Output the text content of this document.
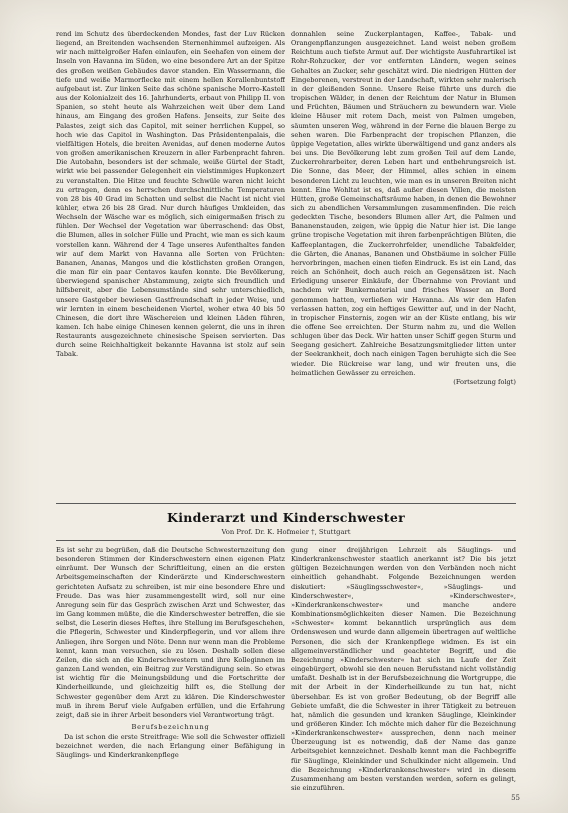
rend im Schutz des überdeckenden Mondes, fast der Luv Rücken liegend, an Breitenden wachsenden Sternenhimmel aufzeigen. Als wir nach mittelgroßer Hafen einlaufen, ein Seehafen von einem der Inseln von Havanna im Süden, wo eine besondere Art an der Spitze des großen weißen Gebäudes davor standen. Ein Wassermann, die tiefe und weiße Marmorflecke mit einem hellen Korallenbuntstoff aufgebaut ist. Zur linken Seite das schöne spanische Morro-Kastell aus der Kolonialzeit des 16. Jahrhunderts, erbaut von Philipp II. von Spanien, so steht heute als Wahrzeichen weit über dem Land hinaus, am Eingang des großen Hafens. Jenseits, zur Seite des Palastes, zeigt sich das Capitol, mit seiner herrlichen Kuppel, so hoch wie das Capitol in Washington. Das Präsidentenpalais, die vielfältigen Hotels, die breiten Avenidas, auf denen moderne Autos von großen amerikanischen Kreuzern in aller Farbenpracht fahren. Die Autobahn, besonders ist der schmale, weiße Gürtel der Stadt, wirkt wie bei passender Gelegenheit ein vielstimmiges Hupkonzert zu veranstalten. Die Hitze und feuchte Schwüle waren nicht leicht zu ertragen, denn es herrschen durchschnittliche Temperaturen von 28 bis 40 Grad im Schatten und selbst die Nacht ist nicht viel kühler, etwa 26 bis 28 Grad. Nur durch häufiges Umkleiden, das Wechseln der Wäsche war es möglich, sich einigermaßen frisch zu fühlen. Der Wechsel der Vegetation war überraschend: das Obst, die Blumen, alles in solcher Fülle und Pracht, wie man es sich kaum vorstellen kann. Während der 4 Tage unseres Aufenthaltes fanden wir auf dem Markt von Havanna alle Sorten von Früchten: Bananen, Ananas, Mangos und die köstlichsten großen Orangen, die man für ein paar Centavos kaufen konnte. Die Bevölkerung, überwiegend spanischer Abstammung, zeigte sich freundlich und hilfsbereit, aber die Lebensumstände sind sehr unterschiedlich, unsere Gastgeber bewiesen Gastfreundschaft in jeder Weise, und wir lernten in einem bescheidenen Viertel, woher etwa 40 bis 50 Chinesen, die dort ihre Wäschereien und kleinen Läden führen, kamen. Ich habe einige Chinesen kennen gelernt, die uns in ihren Restaurants ausgezeichnete chinesische Speisen servierten. Das durch seine Reichhaltigkeit bekannte Havanna ist stolz auf sein Tabak.

donnahlen seine Zuckerplantagen, Kaffee-, Tabak- und Orangenpflanzungen ausgezeichnet. Land weist neben großem Reichtum auch tiefste Armut auf. Der wichtigste Ausfuhrartikel ist Rohr-Rohzucker, der vor entfernten Ländern, wegen seines Gehaltes an Zucker, sehr geschätzt wird. Die niedrigen Hütten der Eingeborenen, verstreut in der Landschaft, wirkten sehr malerisch in der gleißenden Sonne. Unsere Reise führte uns durch die tropischen Wälder, in denen der Reichtum der Natur in Blumen und Früchten, Bäumen und Sträuchern zu bewundern war. Viele kleine Häuser mit rotem Dach, meist von Palmen umgeben, säumten unseren Weg, während in der Ferne die blauen Berge zu sehen waren. Die Farbenpracht der tropischen Pflanzen, die üppige Vegetation, alles wirkte überwältigend und ganz anders als bei uns. Die Bevölkerung lebt zum großen Teil auf dem Lande, Zuckerrohrarbeiter, deren Leben hart und entbehrungsreich ist. Die Sonne, das Meer, der Himmel, alles schien in einem besonderen Licht zu leuchten, wie man es in unseren Breiten nicht kennt. Eine Wohltat ist es, daß außer diesen Villen, die meisten Hütten, große Gemeinschaftsräume haben, in denen die Bewohner sich zu abendlichen Versammlungen zusammenfinden. Die reich gedeckten Tische, besonders Blumen aller Art, die Palmen und Bananenstauden, zeigen, wie üppig die Natur hier ist. Die lange grüne tropische Vegetation mit ihren farbenprächtigen Blüten, die Kaffeeplantagen, die Zuckerrohrfelder, unendliche Tabakfelder, die Gärten, die Ananas, Bananen und Obstbäume in solcher Fülle hervorbringen, machen einen tiefen Eindruck. Es ist ein Land, das reich an Schönheit, doch auch reich an Gegensätzen ist. Nach Erledigung unserer Einkäufe, der Übernahme von Proviant und nachdem wir Bunkermaterial und frisches Wasser an Bord genommen hatten, verließen wir Havanna. Als wir den Hafen verlassen hatten, zog ein heftiges Gewitter auf, und in der Nacht, in tropischer Finsternis, zogen wir an der Küste entlang, bis wir die offene See erreichten. Der Sturm nahm zu, und die Wellen schlugen über das Deck. Wir hatten unser Schiff gegen Sturm und Seegang gesichert. Zahlreiche Besatzungsmitglieder litten unter der Seekrankheit, doch nach einigen Tagen beruhigte sich die See wieder. Die Rückreise war lang, und wir freuten uns, die heimatlichen Gewässer zu erreichen.

(Fortsetzung folgt)

Kinderarzt und Kinderschwester
Von Prof. Dr. K. Hofmeier †, Stuttgart

Es ist sehr zu begrüßen, daß die Deutsche Schwesternzeitung den besonderen Stimmen der Kinderschwestern einen eigenen Platz einräumt. Der Wunsch der Schriftleitung, einen an die ersten Arbeitsgemeinschaften der Kinderärzte und Kinderschwestern gerichteten Aufsatz zu schreiben, ist mir eine besondere Ehre und Freude. Das was hier zusammengestellt wird, soll nur eine Anregung sein für das Gespräch zwischen Arzt und Schwester, das im Gang kommen müßte, die die Kinderschwester betreffen, die sie selbst, die Leserin dieses Heftes, ihre Stellung im Berufsgeschehen, die Pflegerin, Schwester und Kinderpflegerin, und vor allem ihre Anliegen, ihre Sorgen und Nöte. Denn nur wenn man die Probleme kennt, kann man versuchen, sie zu lösen. Deshalb sollen diese Zeilen, die sich an die Kinderschwestern und ihre Kolleginnen im ganzen Land wenden, ein Beitrag zur Verständigung sein. So etwas ist wichtig für die Meinungsbildung und die Fortschritte der Kinderheilkunde, und gleichzeitig hilft es, die Stellung der Schwester gegenüber dem Arzt zu klären. Die Kinderschwester muß in ihrem Beruf viele Aufgaben erfüllen, und die Erfahrung zeigt, daß sie in ihrer Arbeit besonders viel Verantwortung trägt.

Berufsbezeichnung

Da ist schon die erste Streitfrage: Wie soll die Schwester offiziell bezeichnet werden, die nach Erlangung einer Befähigung in Säuglings- und Kinderkrankenpflege

gung einer dreijährigen Lehrzeit als Säuglings- und Kinderkrankenschwester staatlich anerkannt ist? Die bis jetzt gültigen Bezeichnungen werden von den Verbänden noch nicht einheitlich gehandhabt. Folgende Bezeichnungen werden diskutiert: »Säuglingsschwester«, »Säuglings- und Kinderschwester«, »Kinderschwester«, »Kinderkrankenschwester« und manche andere Kombinationsmöglichkeiten dieser Namen. Die Bezeichnung »Schwester« kommt bekanntlich ursprünglich aus dem Ordenswesen und wurde dann allgemein übertragen auf weltliche Personen, die sich der Krankenpflege widmen. Es ist ein allgemeinverständlicher und geachteter Begriff, und die Bezeichnung »Kinderschwester« hat sich im Laufe der Zeit eingebürgert, obwohl sie den neuen Berufsstand nicht vollständig umfaßt. Deshalb ist in der Berufsbezeichnung die Wortgruppe, die mit der Arbeit in der Kinderheilkunde zu tun hat, nicht übersehbar. Es ist von großer Bedeutung, ob der Begriff alle Gebiete umfaßt, die die Schwester in ihrer Tätigkeit zu betreuen hat, nämlich die gesunden und kranken Säuglinge, Kleinkinder und größeren Kinder. Ich möchte mich daher für die Bezeichnung »Kinderkrankenschwester« aussprechen, denn nach meiner Überzeugung ist es notwendig, daß der Name das ganze Arbeitsgebiet kennzeichnet. Deshalb kennt man die Fachbegriffe für Säuglinge, Kleinkinder und Schulkinder nicht allgemein. Und die Bezeichnung »Kinderkrankenschwester« wird in diesem Zusammenhang am besten verstanden werden, sofern es gelingt, sie einzuführen.

55
